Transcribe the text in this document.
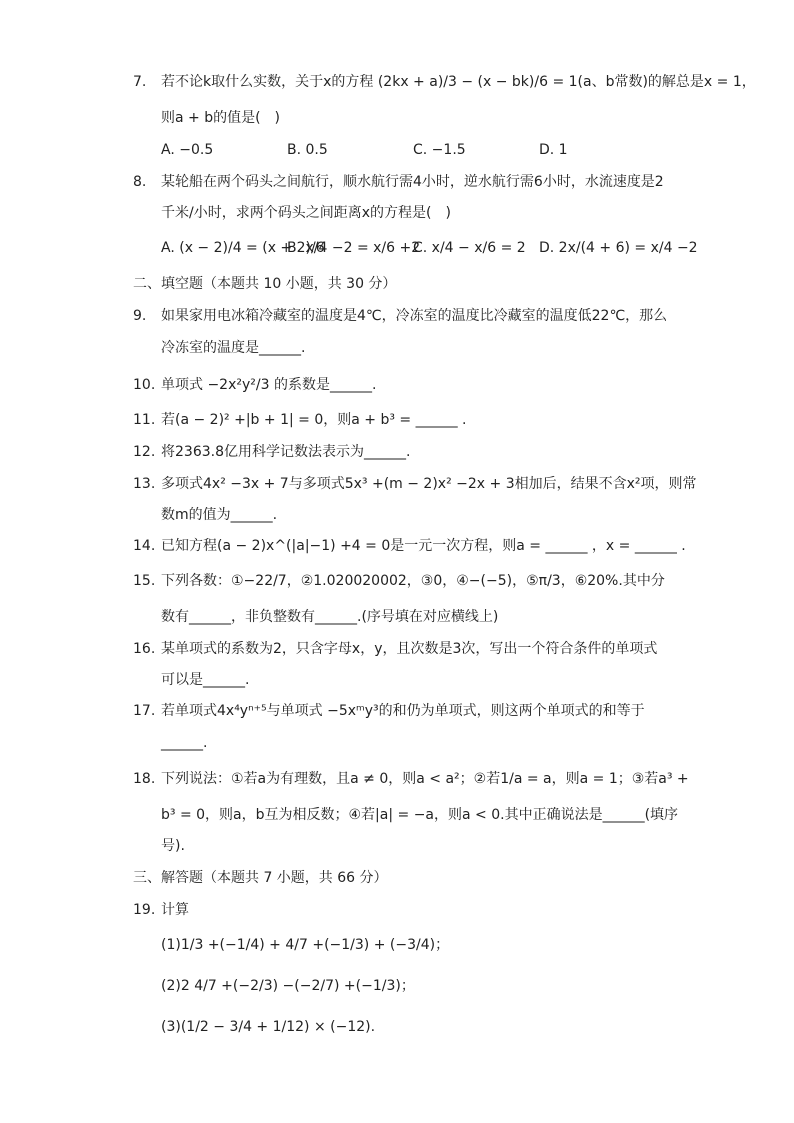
7. 若不论k取什么实数，关于x的方程 (2kx + a)/3 − (x − bk)/6 = 1(a、b常数)的解总是x = 1，
则a + b的值是(　)
A. −0.5	B. 0.5	C. −1.5	D. 1
8. 某轮船在两个码头之间航行，顺水航行需4小时，逆水航行需6小时，水流速度是2
千米/小时，求两个码头之间距离x的方程是(　)
A. (x − 2)/4 = (x + 2)/6
B. x/4 −2 = x/6 +2
C. x/4 − x/6 = 2 D. 2x/(4 + 6) = x/4 −2
二、填空题（本题共 10 小题，共 30 分）
9. 如果家用电冰箱冷藏室的温度是4℃，冷冻室的温度比冷藏室的温度低22℃，那么
冷冻室的温度是______.
10. 单项式 −2x²y²/3 的系数是______.
11. 若(a − 2)² +|b + 1| = 0，则a + b³ = ______ .
12. 将2363.8亿用科学记数法表示为______.
13. 多项式4x² −3x + 7与多项式5x³ +(m − 2)x² −2x + 3相加后，结果不含x²项，则常
数m的值为______.
14. 已知方程(a − 2)x^(|a|−1) +4 = 0是一元一次方程，则a = ______ ，x = ______ .
15. 下列各数：①−22/7，②1.020020002，③0，④−(−5)，⑤π/3，⑥20%.其中分
数有______，非负整数有______.(序号填在对应横线上)
16. 某单项式的系数为2，只含字母x，y，且次数是3次，写出一个符合条件的单项式
可以是______.
17. 若单项式4x⁴yⁿ⁺⁵与单项式 −5xᵐy³的和仍为单项式，则这两个单项式的和等于
______.
18. 下列说法：①若a为有理数，且a ≠ 0，则a < a²；②若1/a = a，则a = 1；③若a³ +
b³ = 0，则a，b互为相反数；④若|a| = −a，则a < 0.其中正确说法是______(填序
号).
三、解答题（本题共 7 小题，共 66 分）
19. 计算
(1)1/3 +(−1/4) + 4/7 +(−1/3) + (−3/4)；
(2)2 4/7 +(−2/3) −(−2/7) +(−1/3)；
(3)(1/2 − 3/4 + 1/12) × (−12).
